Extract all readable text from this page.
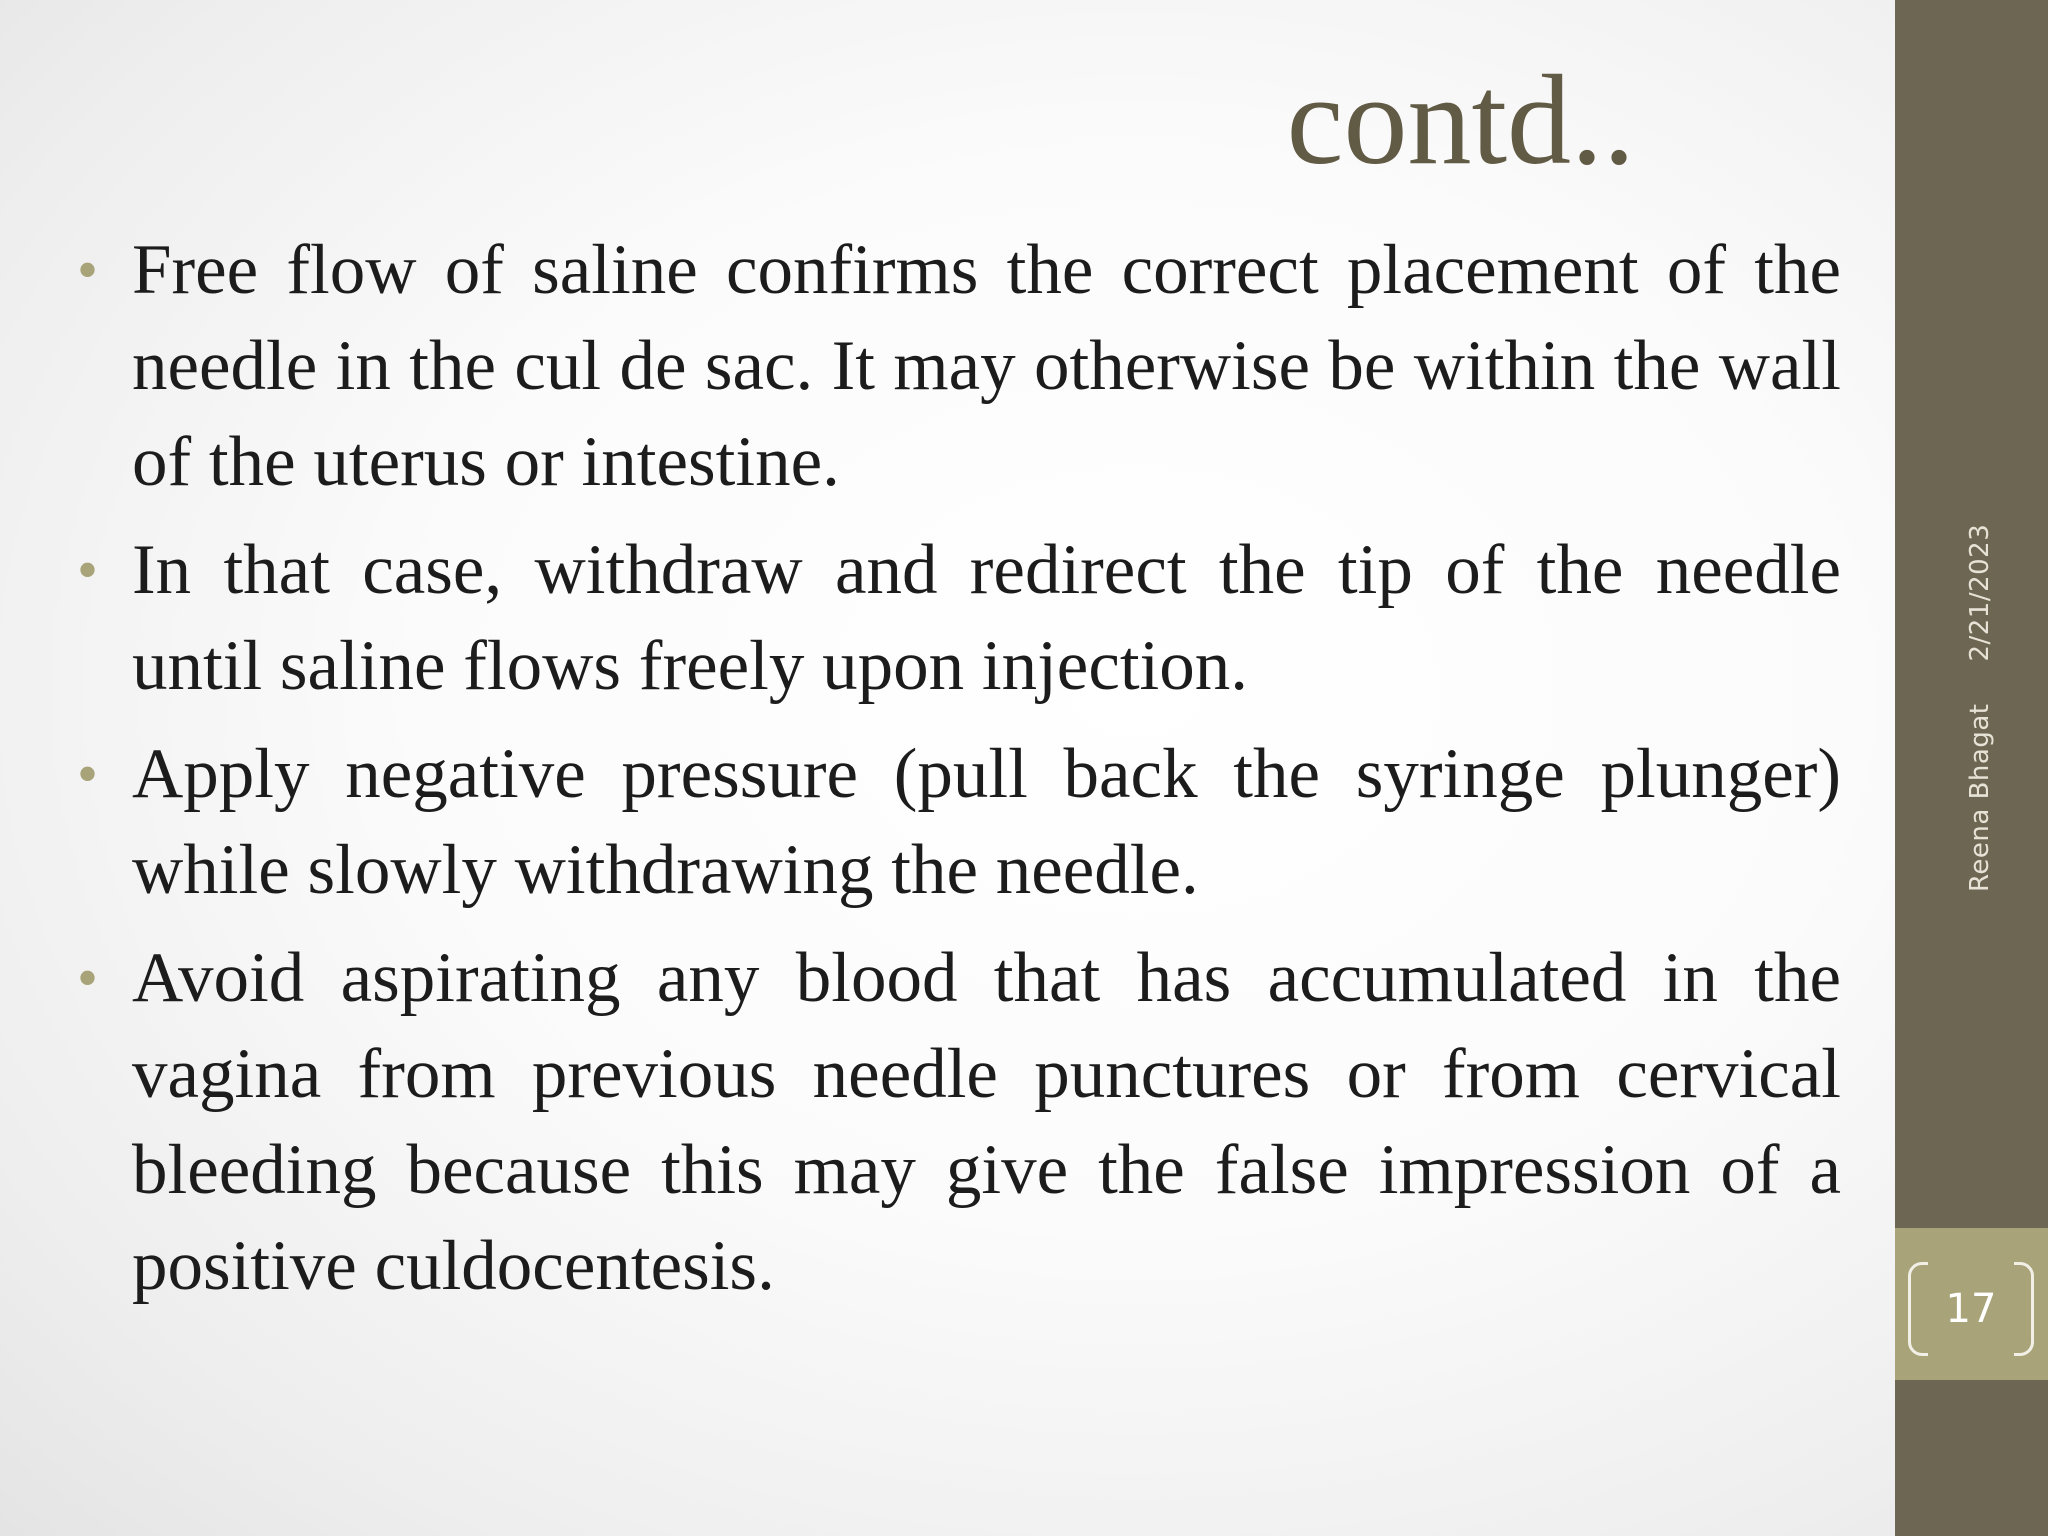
contd..
• Free flow of saline confirms the correct placement of the needle in the cul de sac. It may otherwise be within the wall of the uterus or intestine.
• In that case, withdraw and redirect the tip of the needle until saline flows freely upon injection.
• Apply negative pressure (pull back the syringe plunger) while slowly withdrawing the needle.
• Avoid aspirating any blood that has accumulated in the vagina from previous needle punctures or from cervical bleeding because this may give the false impression of a positive culdocentesis.
Reena Bhagat2/21/2023
17
